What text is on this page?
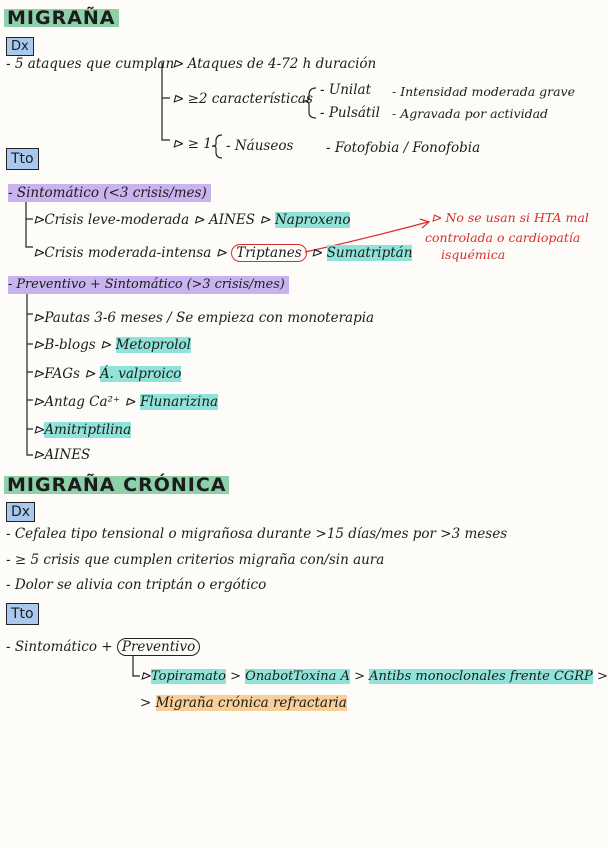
MIGRAÑA
Dx
- 5 ataques que cumplan
⊳ Ataques de 4-72 h duración
⊳ ≥2 características
- Unilat
- Pulsátil
- Intensidad moderada grave
- Agravada por actividad
⊳ ≥ 1 - Náuseos - Fotofobia / Fonofobia
Tto
- Sintomático (<3 crisis/mes)
⊳Crisis leve-moderada ⊳ AINES ⊳ Naproxeno
⊳Crisis moderada-intensa ⊳ Triptanes ⊳ Sumatriptán
⊳ No se usan si HTA mal
controlada o cardiopatía
isquémica
- Preventivo + Sintomático (>3 crisis/mes)
⊳Pautas 3-6 meses / Se empieza con monoterapia
⊳B-blogs ⊳ Metoprolol
⊳FAGs ⊳ Á. valproico
⊳Antag Ca²⁺ ⊳ Flunarizina
⊳Amitriptilina
⊳AINES
MIGRAÑA CRÓNICA
Dx
- Cefalea tipo tensional o migrañosa durante >15 días/mes por >3 meses
- ≥ 5 crisis que cumplen criterios migraña con/sin aura
- Dolor se alivia con triptán o ergótico
Tto
- Sintomático + Preventivo
⊳Topiramato > OnabotToxina A > Antibs monoclonales frente CGRP >
> Migraña crónica refractaria
